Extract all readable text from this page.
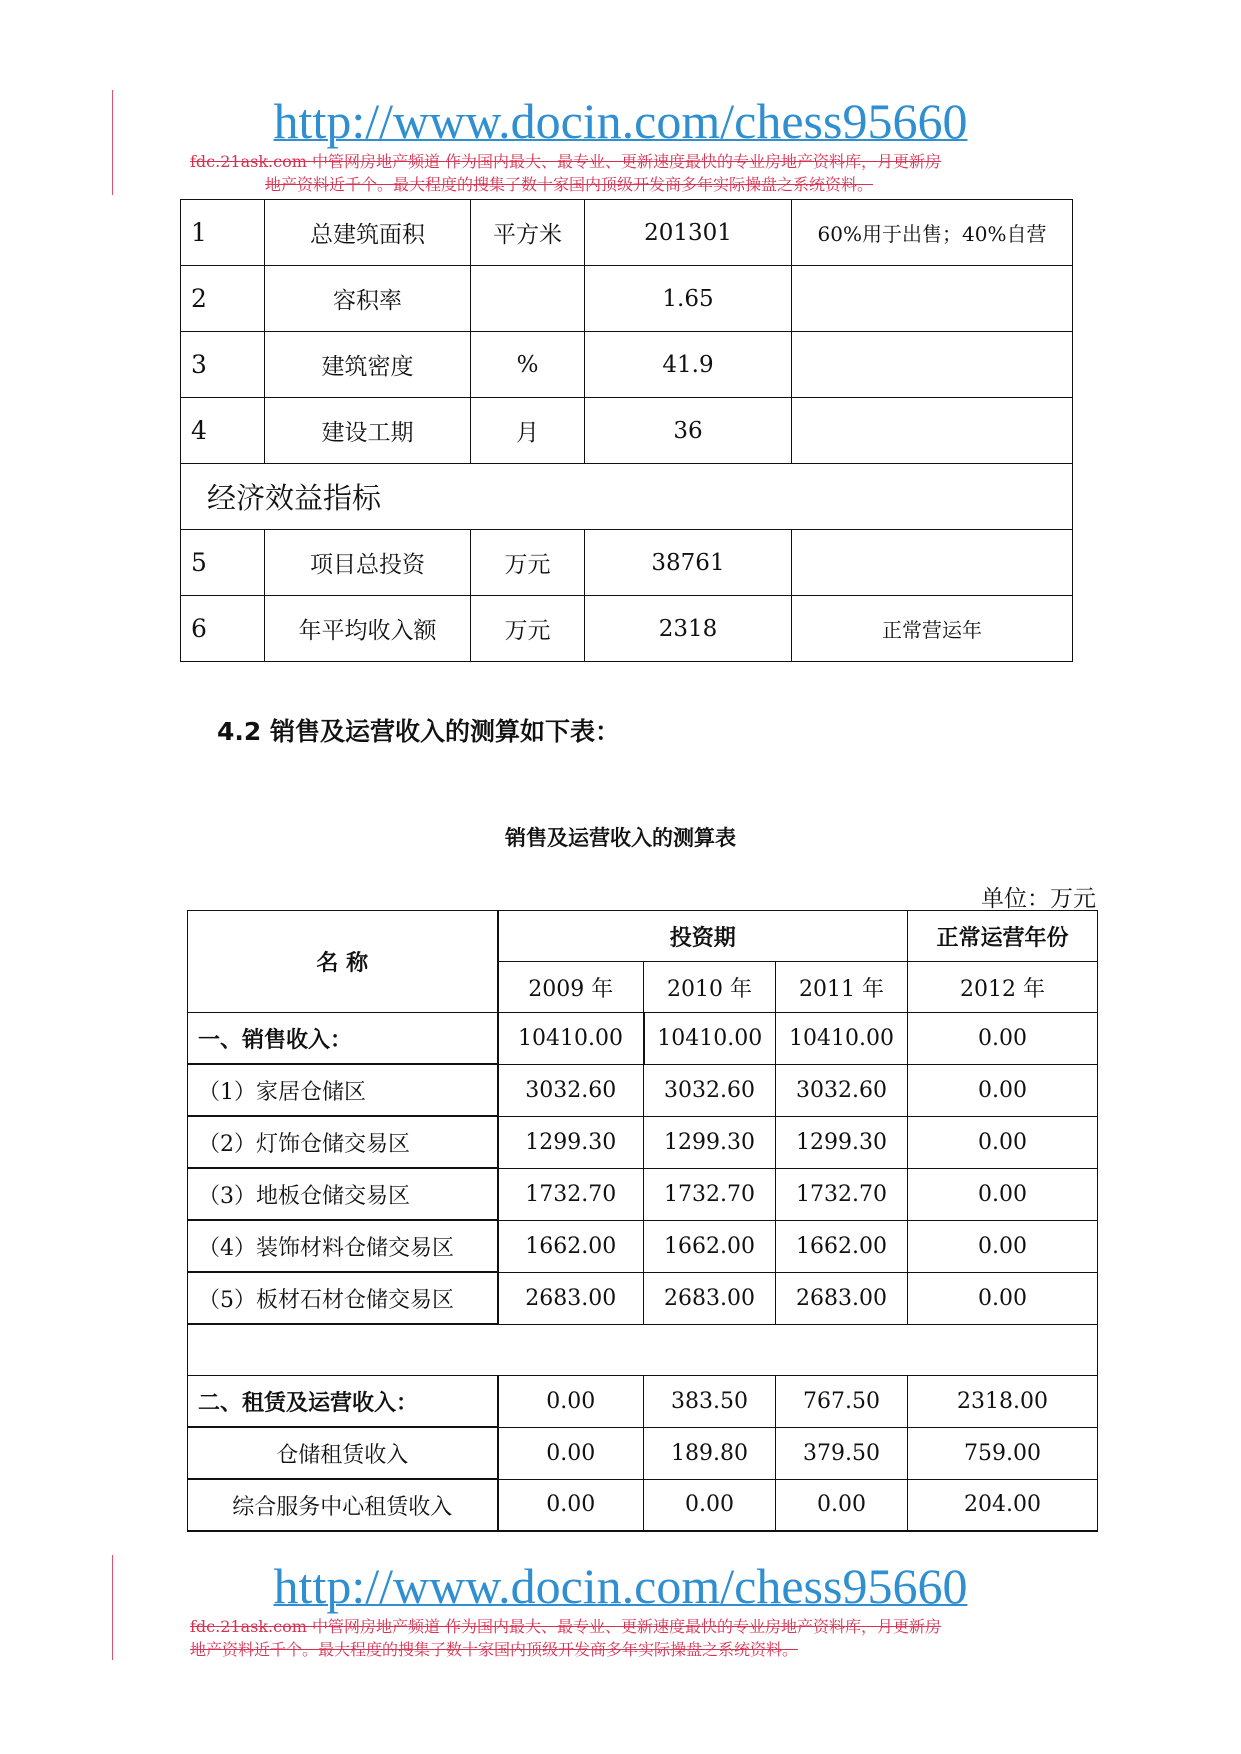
http://www.docin.com/chess95660
fdc.21ask.com 中管网房地产频道 作为国内最大、最专业、更新速度最快的专业房地产资料库，月更新房
地产资料近千个。最大程度的搜集了数十家国内顶级开发商多年实际操盘之系统资料。
1	总建筑面积	平方米	201301	60%用于出售；40%自营
2	容积率		1.65	
3	建筑密度	%	41.9	
4	建设工期	月	36	
经济效益指标				
5	项目总投资	万元	38761	
6	年平均收入额	万元	2318	正常营运年
4.2 销售及运营收入的测算如下表：
销售及运营收入的测算表
单位：万元
名 称	投资期			正常运营年份
	2009 年	2010 年	2011 年	2012 年
一、销售收入：	10410.00	10410.00	10410.00	0.00
（1）家居仓储区	3032.60	3032.60	3032.60	0.00
（2）灯饰仓储交易区	1299.30	1299.30	1299.30	0.00
（3）地板仓储交易区	1732.70	1732.70	1732.70	0.00
（4）装饰材料仓储交易区	1662.00	1662.00	1662.00	0.00
（5）板材石材仓储交易区	2683.00	2683.00	2683.00	0.00

二、租赁及运营收入：	0.00	383.50	767.50	2318.00
仓储租赁收入	0.00	189.80	379.50	759.00
综合服务中心租赁收入	0.00	0.00	0.00	204.00
http://www.docin.com/chess95660
fdc.21ask.com 中管网房地产频道 作为国内最大、最专业、更新速度最快的专业房地产资料库，月更新房
地产资料近千个。最大程度的搜集了数十家国内顶级开发商多年实际操盘之系统资料。
